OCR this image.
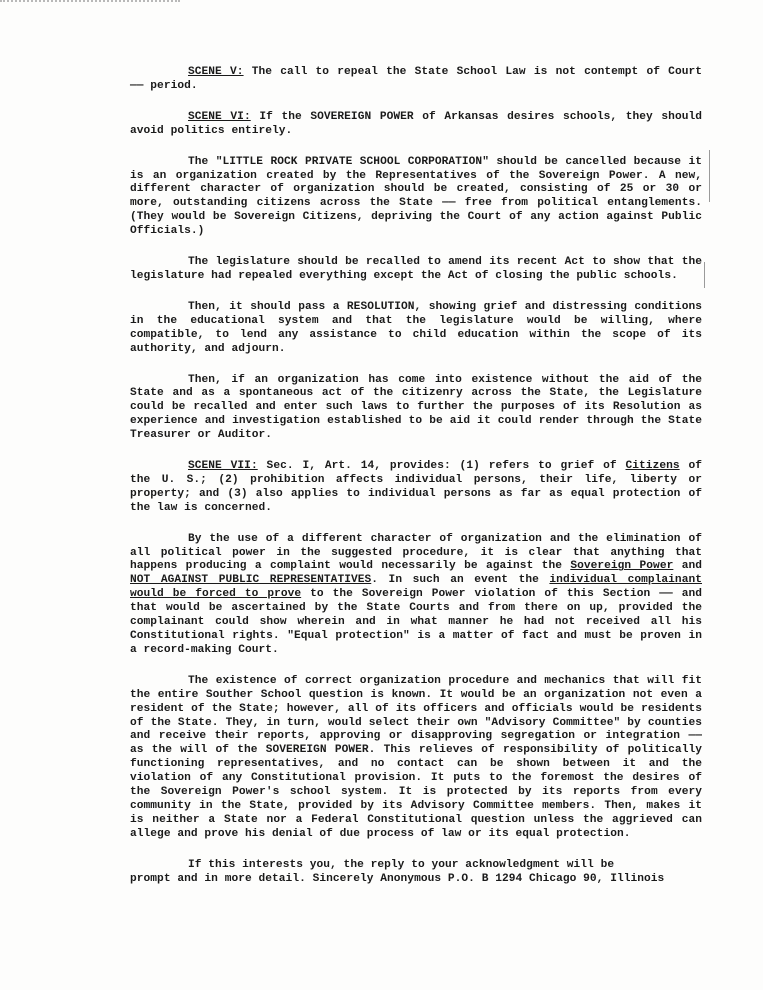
SCENE V: The call to repeal the State School Law is not contempt of Court —— period.

SCENE VI: If the SOVEREIGN POWER of Arkansas desires schools, they should avoid politics entirely.

The "LITTLE ROCK PRIVATE SCHOOL CORPORATION" should be cancelled because it is an organization created by the Representatives of the Sovereign Power. A new, different character of organization should be created, consisting of 25 or 30 or more, outstanding citizens across the State —— free from political entanglements. (They would be Sovereign Citizens, depriving the Court of any action against Public Officials.)

The legislature should be recalled to amend its recent Act to show that the legislature had repealed everything except the Act of closing the public schools.

Then, it should pass a RESOLUTION, showing grief and distressing conditions in the educational system and that the legislature would be willing, where compatible, to lend any assistance to child education within the scope of its authority, and adjourn.

Then, if an organization has come into existence without the aid of the State and as a spontaneous act of the citizenry across the State, the Legislature could be recalled and enter such laws to further the purposes of its Resolution as experience and investigation established to be aid it could render through the State Treasurer or Auditor.

SCENE VII: Sec. I, Art. 14, provides: (1) refers to grief of Citizens of the U. S.; (2) prohibition affects individual persons, their life, liberty or property; and (3) also applies to individual persons as far as equal protection of the law is concerned.

By the use of a different character of organization and the elimination of all political power in the suggested procedure, it is clear that anything that happens producing a complaint would necessarily be against the Sovereign Power and NOT AGAINST PUBLIC REPRESENTATIVES. In such an event the individual complainant would be forced to prove to the Sovereign Power violation of this Section —— and that would be ascertained by the State Courts and from there on up, provided the complainant could show wherein and in what manner he had not received all his Constitutional rights. "Equal protection" is a matter of fact and must be proven in a record-making Court.

The existence of correct organization procedure and mechanics that will fit the entire Souther School question is known. It would be an organization not even a resident of the State; however, all of its officers and officials would be residents of the State. They, in turn, would select their own "Advisory Committee" by counties and receive their reports, approving or disapproving segregation or integration —— as the will of the SOVEREIGN POWER. This relieves of responsibility of politically functioning representatives, and no contact can be shown between it and the violation of any Constitutional provision. It puts to the foremost the desires of the Sovereign Power's school system. It is protected by its reports from every community in the State, provided by its Advisory Committee members. Then, makes it is neither a State nor a Federal Constitutional question unless the aggrieved can allege and prove his denial of due process of law or its equal protection.

If this interests you, the reply to your acknowledgment will be
prompt and in more detail. Sincerely Anonymous P.O. B 1294 Chicago 90, Illinois
